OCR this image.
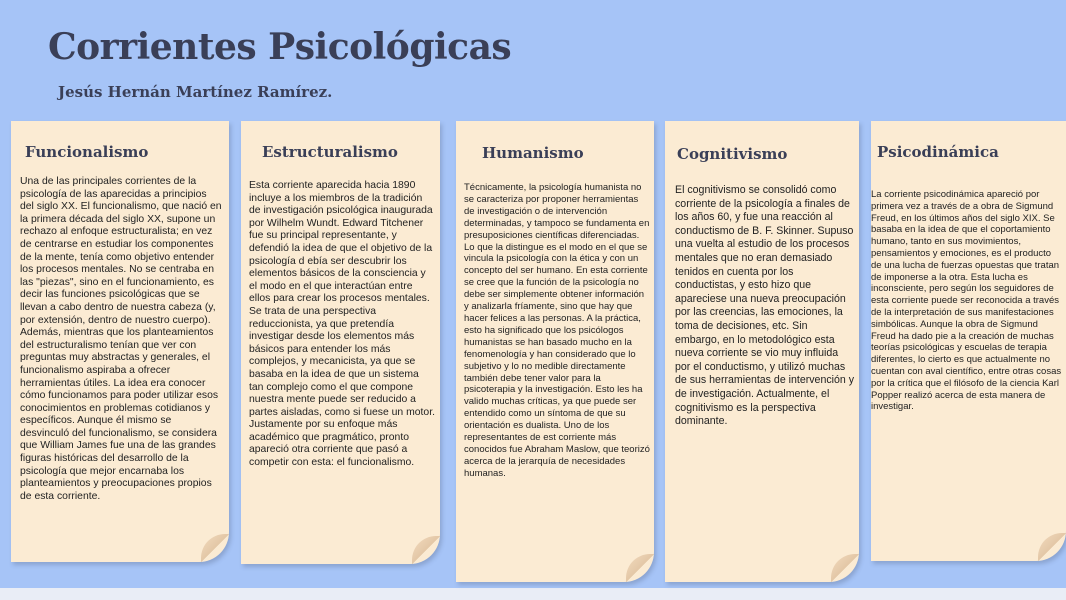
Corrientes Psicológicas
Jesús Hernán Martínez Ramírez.
Funcionalismo

Una de las principales corrientes de la psicología de las aparecidas a principios del siglo XX. El funcionalismo, que nació en la primera década del siglo XX, supone un rechazo al enfoque estructuralista; en vez de centrarse en estudiar los componentes de la mente, tenía como objetivo entender los procesos mentales. No se centraba en las "piezas", sino en el funcionamiento, es decir las funciones psicológicas que se llevan a cabo dentro de nuestra cabeza (y, por extensión, dentro de nuestro cuerpo). Además, mientras que los planteamientos del estructuralismo tenían que ver con preguntas muy abstractas y generales, el funcionalismo aspiraba a ofrecer herramientas útiles. La idea era conocer cómo funcionamos para poder utilizar esos conocimientos en problemas cotidianos y específicos. Aunque él mismo se desvinculó del funcionalismo, se considera que William James fue una de las grandes figuras históricas del desarrollo de la psicología que mejor encarnaba los planteamientos y preocupaciones propios de esta corriente.

Estructuralismo

Esta corriente aparecida hacia 1890 incluye a los miembros de la tradición de investigación psicológica inaugurada por Wilhelm Wundt. Edward Titchener fue su principal representante, y defendió la idea de que el objetivo de la psicología d ebía ser descubrir los elementos básicos de la consciencia y el modo en el que interactúan entre ellos para crear los procesos mentales.
Se trata de una perspectiva reduccionista, ya que pretendía investigar desde los elementos más básicos para entender los más complejos, y mecanicista, ya que se basaba en la idea de que un sistema tan complejo como el que compone nuestra mente puede ser reducido a partes aisladas, como si fuese un motor.
Justamente por su enfoque más académico que pragmático, pronto apareció otra corriente que pasó a competir con esta: el funcionalismo.

Humanismo

Técnicamente, la psicología humanista no se caracteriza por proponer herramientas de investigación o de intervención determinadas, y tampoco se fundamenta en presuposiciones científicas diferenciadas. Lo que la distingue es el modo en el que se vincula la psicología con la ética y con un concepto del ser humano. En esta corriente se cree que la función de la psicología no debe ser simplemente obtener información y analizarla fríamente, sino que hay que hacer felices a las personas. A la práctica, esto ha significado que los psicólogos humanistas se han basado mucho en la fenomenología y han considerado que lo subjetivo y lo no medible directamente también debe tener valor para la psicoterapia y la investigación. Esto les ha valido muchas críticas, ya que puede ser entendido como un síntoma de que su orientación es dualista. Uno de los representantes de est corriente más conocidos fue Abraham Maslow, que teorizó acerca de la jerarquía de necesidades humanas.

Cognitivismo

El cognitivismo se consolidó como corriente de la psicología a finales de los años 60, y fue una reacción al conductismo de B. F. Skinner. Supuso una vuelta al estudio de los procesos mentales que no eran demasiado tenidos en cuenta por los conductistas, y esto hizo que apareciese una nueva preocupación por las creencias, las emociones, la toma de decisiones, etc. Sin embargo, en lo metodológico esta nueva corriente se vio muy influida por el conductismo, y utilizó muchas de sus herramientas de intervención y de investigación. Actualmente, el cognitivismo es la perspectiva dominante.

Psicodinámica

La corriente psicodinámica apareció por primera vez a través de a obra de Sigmund Freud, en los últimos años del siglo XIX. Se basaba en la idea de que el coportamiento humano, tanto en sus movimientos, pensamientos y emociones, es el producto de una lucha de fuerzas opuestas que tratan de imponerse a la otra. Esta lucha es inconsciente, pero según los seguidores de esta corriente puede ser reconocida a través de la interpretación de sus manifestaciones simbólicas. Aunque la obra de Sigmund Freud ha dado pie a la creación de muchas teorías psicológicas y escuelas de terapia diferentes, lo cierto es que actualmente no cuentan con aval científico, entre otras cosas por la crítica que el filósofo de la ciencia Karl Popper realizó acerca de esta manera de investigar.
